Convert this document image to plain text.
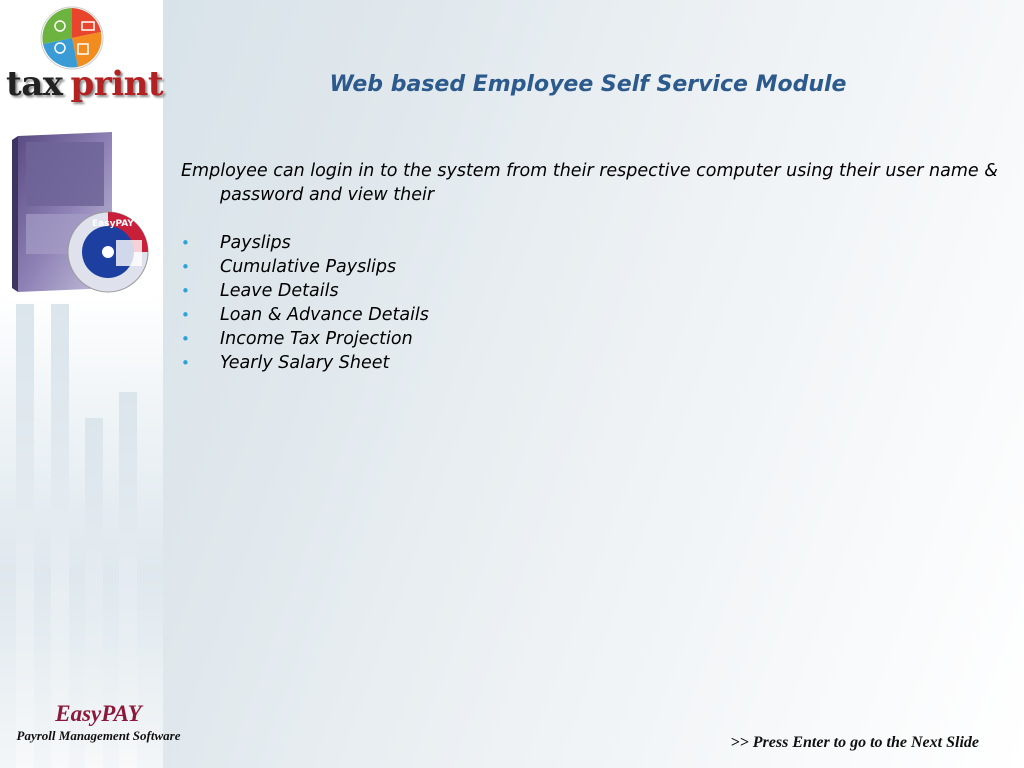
tax print
EasyPAY
Web based Employee Self Service Module
Employee can login in to the system from their respective computer using their user name & password and view their
• Payslips
• Cumulative Payslips
• Leave Details
• Loan & Advance Details
• Income Tax Projection
• Yearly Salary Sheet
EasyPAY
Payroll Management Software	>> Press Enter to go to the Next Slide
